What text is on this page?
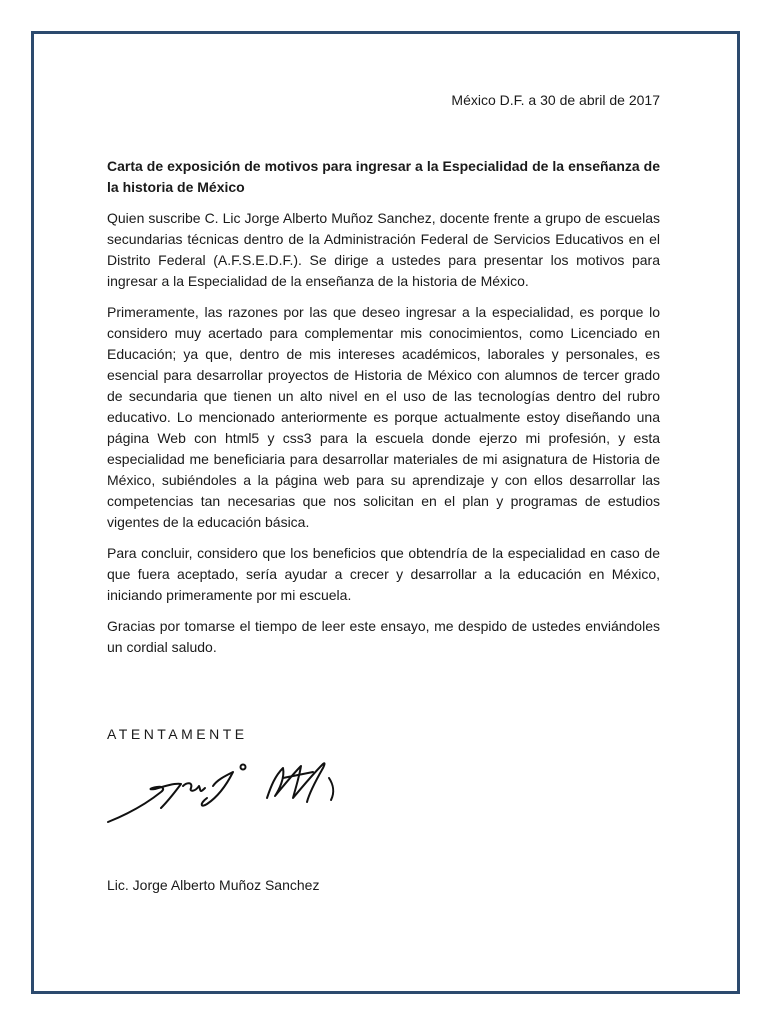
México D.F. a 30 de abril de 2017

Carta de exposición de motivos para ingresar a la Especialidad de la enseñanza de la historia de México

Quien suscribe C. Lic Jorge Alberto Muñoz Sanchez, docente frente a grupo de escuelas secundarias técnicas dentro de la Administración Federal de Servicios Educativos en el Distrito Federal (A.F.S.E.D.F.). Se dirige a ustedes para presentar los motivos para ingresar a la Especialidad de la enseñanza de la historia de México.

Primeramente, las razones por las que deseo ingresar a la especialidad, es porque lo considero muy acertado para complementar mis conocimientos, como Licenciado en Educación; ya que, dentro de mis intereses académicos, laborales y personales, es esencial para desarrollar proyectos de Historia de México con alumnos de tercer grado de secundaria que tienen un alto nivel en el uso de las tecnologías dentro del rubro educativo. Lo mencionado anteriormente es porque actualmente estoy diseñando una página Web con html5 y css3 para la escuela donde ejerzo mi profesión, y esta especialidad me beneficiaria para desarrollar materiales de mi asignatura de Historia de México, subiéndoles a la página web para su aprendizaje y con ellos desarrollar las competencias tan necesarias que nos solicitan en el plan y programas de estudios vigentes de la educación básica.

Para concluir, considero que los beneficios que obtendría de la especialidad en caso de que fuera aceptado, sería ayudar a crecer y desarrollar a la educación en México, iniciando primeramente por mi escuela.

Gracias por tomarse el tiempo de leer este ensayo, me despido de ustedes enviándoles un cordial saludo.

ATENTAMENTE

Lic. Jorge Alberto Muñoz Sanchez
